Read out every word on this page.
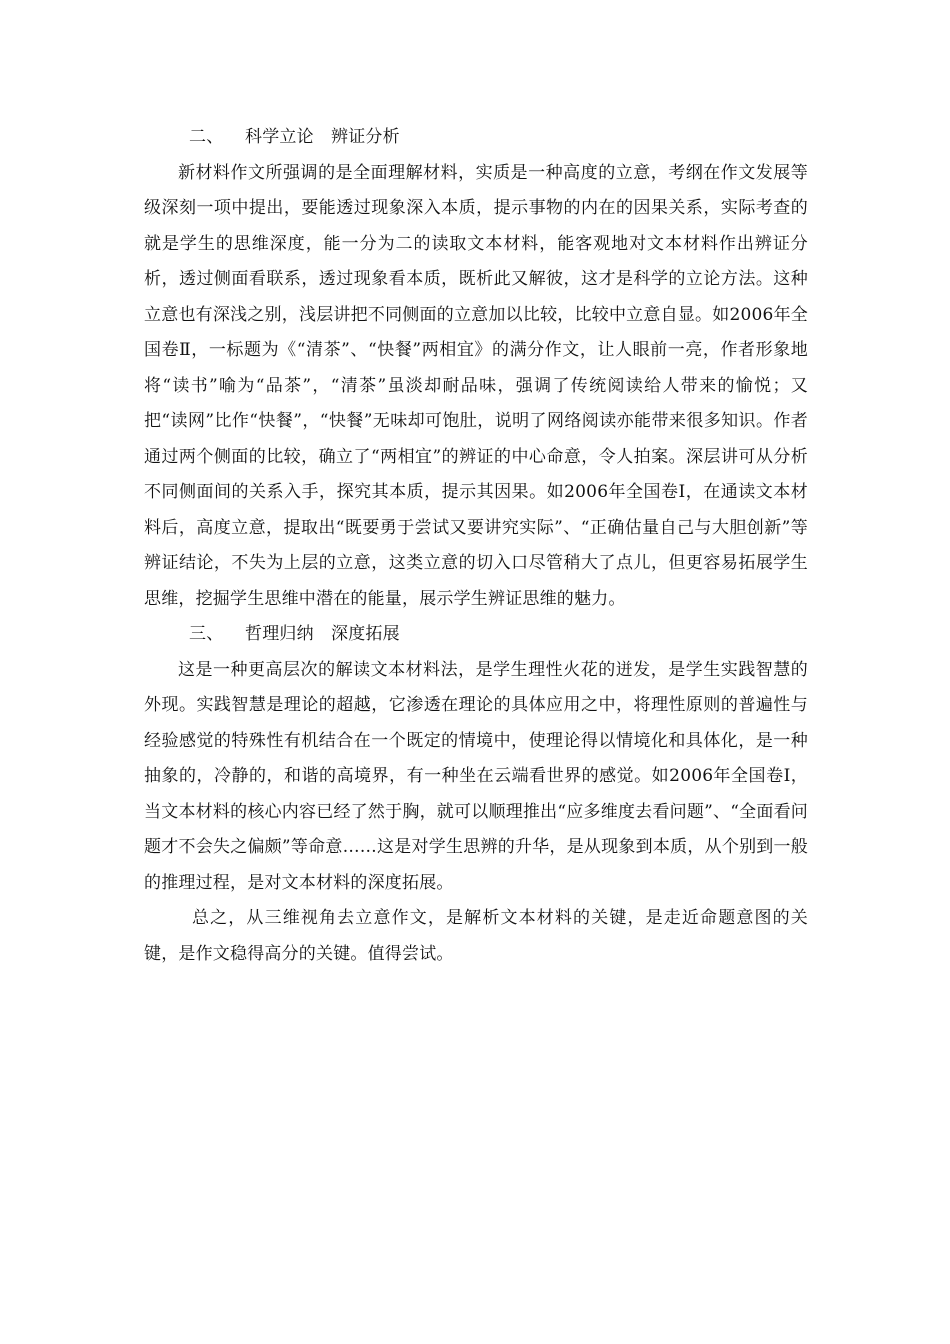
二、 科学立论　辨证分析

新材料作文所强调的是全面理解材料，实质是一种高度的立意，考纲在作文发展等级深刻一项中提出，要能透过现象深入本质，提示事物的内在的因果关系，实际考查的就是学生的思维深度，能一分为二的读取文本材料，能客观地对文本材料作出辨证分析，透过侧面看联系，透过现象看本质，既析此又解彼，这才是科学的立论方法。这种立意也有深浅之别，浅层讲把不同侧面的立意加以比较，比较中立意自显。如2006年全国卷Ⅱ，一标题为《“清茶”、“快餐”两相宜》的满分作文，让人眼前一亮，作者形象地将“读书”喻为“品茶”，“清茶”虽淡却耐品味，强调了传统阅读给人带来的愉悦；又把“读网”比作“快餐”，“快餐”无味却可饱肚，说明了网络阅读亦能带来很多知识。作者通过两个侧面的比较，确立了“两相宜”的辨证的中心命意，令人拍案。深层讲可从分析不同侧面间的关系入手，探究其本质，提示其因果。如2006年全国卷Ⅰ，在通读文本材料后，高度立意，提取出“既要勇于尝试又要讲究实际”、“正确估量自己与大胆创新”等辨证结论，不失为上层的立意，这类立意的切入口尽管稍大了点儿，但更容易拓展学生思维，挖掘学生思维中潜在的能量，展示学生辨证思维的魅力。

三、 哲理归纳　深度拓展

这是一种更高层次的解读文本材料法，是学生理性火花的迸发，是学生实践智慧的外现。实践智慧是理论的超越，它渗透在理论的具体应用之中，将理性原则的普遍性与经验感觉的特殊性有机结合在一个既定的情境中，使理论得以情境化和具体化，是一种抽象的，冷静的，和谐的高境界，有一种坐在云端看世界的感觉。如2006年全国卷Ⅰ，当文本材料的核心内容已经了然于胸，就可以顺理推出“应多维度去看问题”、“全面看问题才不会失之偏颇”等命意……这是对学生思辨的升华，是从现象到本质，从个别到一般的推理过程，是对文本材料的深度拓展。

总之，从三维视角去立意作文，是解析文本材料的关键，是走近命题意图的关键，是作文稳得高分的关键。值得尝试。
